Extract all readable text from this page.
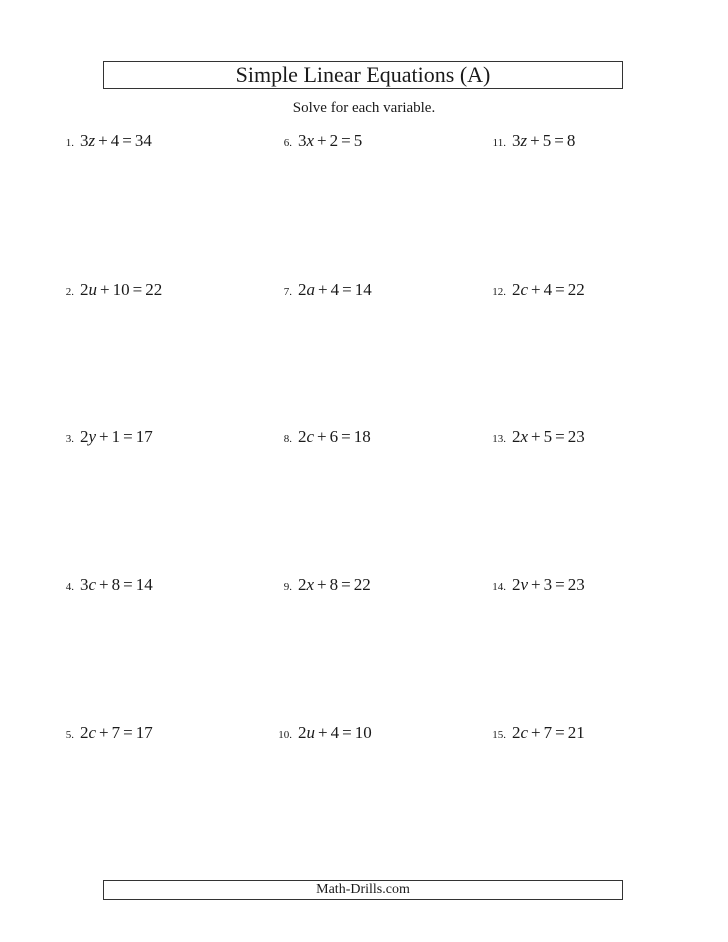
Simple Linear Equations (A)
Solve for each variable.
1. 3z + 4 = 34
2. 2u + 10 = 22
3. 2y + 1 = 17
4. 3c + 8 = 14
5. 2c + 7 = 17
6. 3x + 2 = 5
7. 2a + 4 = 14
8. 2c + 6 = 18
9. 2x + 8 = 22
10. 2u + 4 = 10
11. 3z + 5 = 8
12. 2c + 4 = 22
13. 2x + 5 = 23
14. 2v + 3 = 23
15. 2c + 7 = 21
Math-Drills.com
